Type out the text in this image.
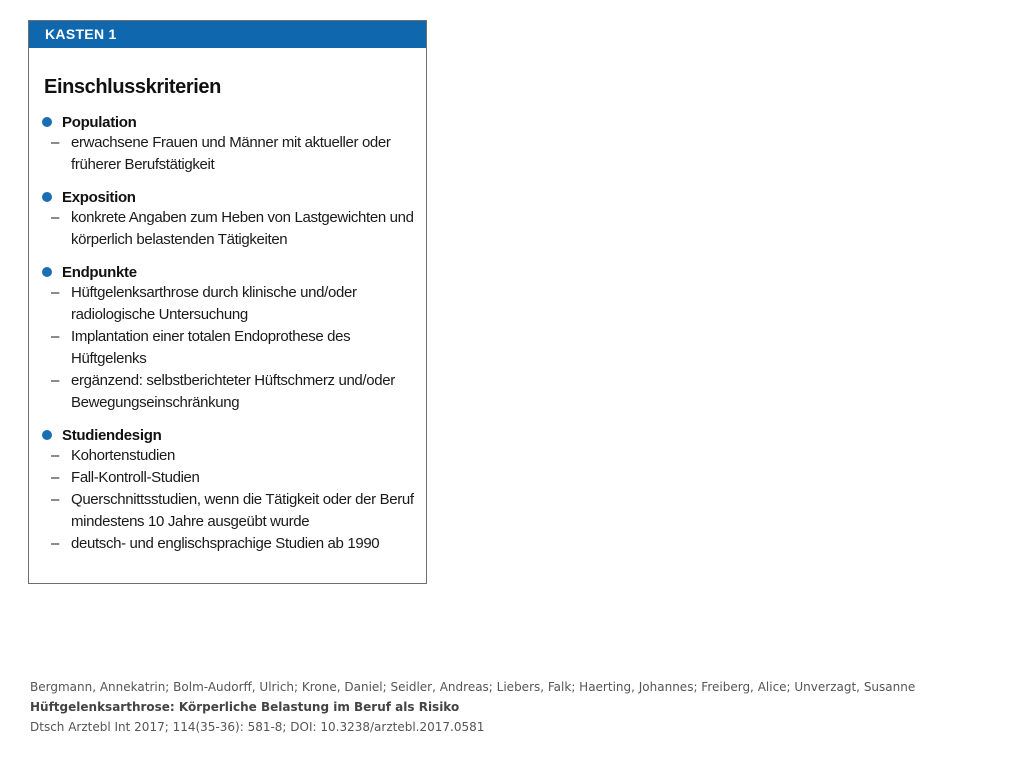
KASTEN 1
Einschlusskriterien
Population
– erwachsene Frauen und Männer mit aktueller oder früherer Berufstätigkeit
Exposition
– konkrete Angaben zum Heben von Lastgewichten und körperlich belastenden Tätigkeiten
Endpunkte
– Hüftgelenksarthrose durch klinische und/oder radiologische Untersuchung
– Implantation einer totalen Endoprothese des Hüftgelenks
– ergänzend: selbstberichteter Hüftschmerz und/oder Bewegungseinschränkung
Studiendesign
– Kohortenstudien
– Fall-Kontroll-Studien
– Querschnittsstudien, wenn die Tätigkeit oder der Beruf mindestens 10 Jahre ausgeübt wurde
– deutsch- und englischsprachige Studien ab 1990
Bergmann, Annekatrin; Bolm-Audorff, Ulrich; Krone, Daniel; Seidler, Andreas; Liebers, Falk; Haerting, Johannes; Freiberg, Alice; Unverzagt, Susanne
Hüftgelenksarthrose: Körperliche Belastung im Beruf als Risiko
Dtsch Arztebl Int 2017; 114(35-36): 581-8; DOI: 10.3238/arztebl.2017.0581
